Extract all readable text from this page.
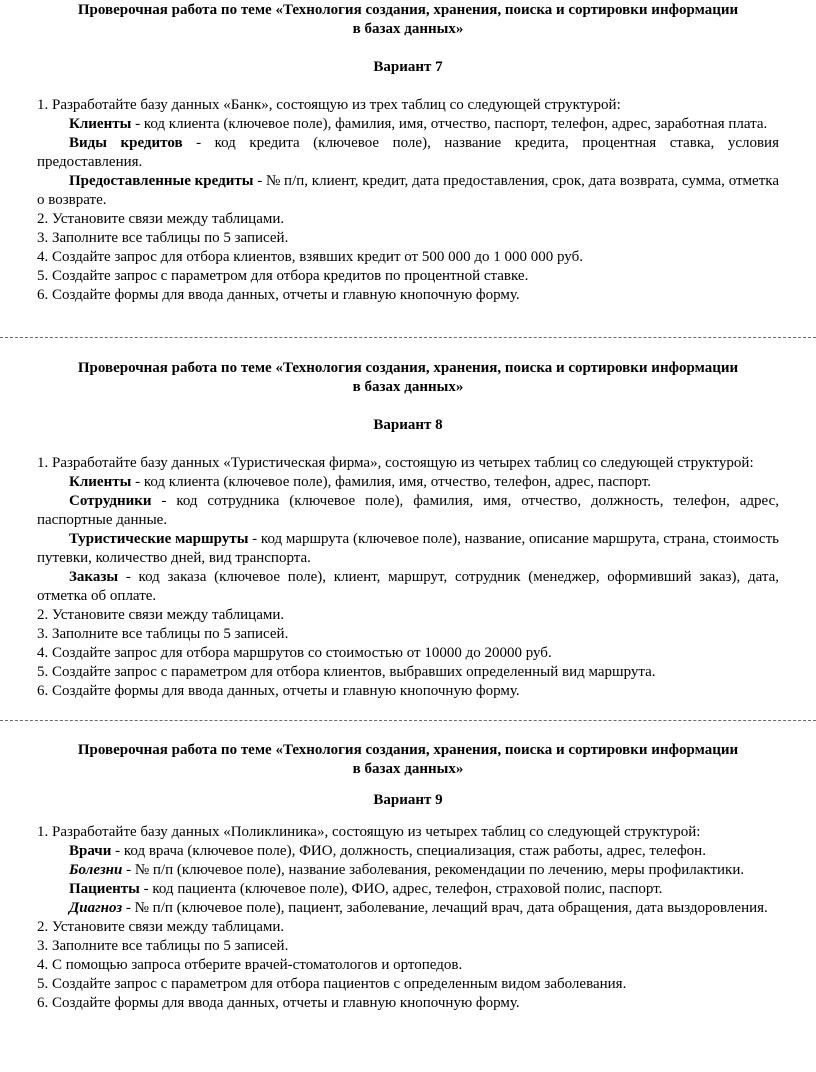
Проверочная работа по теме «Технология создания, хранения, поиска и сортировки информации
в базах данных»

Вариант 7

1. Разработайте базу данных «Банк», состоящую из трех таблиц со следующей структурой:

Клиенты - код клиента (ключевое поле), фамилия, имя, отчество, паспорт, телефон, адрес, заработная плата.

Виды кредитов - код кредита (ключевое поле), название кредита, процентная ставка, условия предоставления.

Предоставленные кредиты - № п/п, клиент, кредит, дата предоставления, срок, дата возврата, сумма, отметка о возврате.

2. Установите связи между таблицами.

3. Заполните все таблицы по 5 записей.

4. Создайте запрос для отбора клиентов, взявших кредит от 500 000 до 1 000 000 руб.

5. Создайте запрос с параметром для отбора кредитов по процентной ставке.

6. Создайте формы для ввода данных, отчеты и главную кнопочную форму.

Проверочная работа по теме «Технология создания, хранения, поиска и сортировки информации
в базах данных»

Вариант 8

1. Разработайте базу данных «Туристическая фирма», состоящую из четырех таблиц со следующей структурой:

Клиенты - код клиента (ключевое поле), фамилия, имя, отчество, телефон, адрес, паспорт.

Сотрудники - код сотрудника (ключевое поле), фамилия, имя, отчество, должность, телефон, адрес, паспортные данные.

Туристические маршруты - код маршрута (ключевое поле), название, описание маршрута, страна, стоимость путевки, количество дней, вид транспорта.

Заказы - код заказа (ключевое поле), клиент, маршрут, сотрудник (менеджер, оформивший заказ), дата, отметка об оплате.

2. Установите связи между таблицами.

3. Заполните все таблицы по 5 записей.

4. Создайте запрос для отбора маршрутов со стоимостью от 10000 до 20000 руб.

5. Создайте запрос с параметром для отбора клиентов, выбравших определенный вид маршрута.

6. Создайте формы для ввода данных, отчеты и главную кнопочную форму.

Проверочная работа по теме «Технология создания, хранения, поиска и сортировки информации
в базах данных»

Вариант 9

1. Разработайте базу данных «Поликлиника», состоящую из четырех таблиц со следующей структурой:

Врачи - код врача (ключевое поле), ФИО, должность, специализация, стаж работы, адрес, телефон.

Болезни - № п/п (ключевое поле), название заболевания, рекомендации по лечению, меры профилактики.

Пациенты - код пациента (ключевое поле), ФИО, адрес, телефон, страховой полис, паспорт.

Диагноз - № п/п (ключевое поле), пациент, заболевание, лечащий врач, дата обращения, дата выздоровления.

2. Установите связи между таблицами.

3. Заполните все таблицы по 5 записей.

4. С помощью запроса отберите врачей-стоматологов и ортопедов.

5. Создайте запрос с параметром для отбора пациентов с определенным видом заболевания.

6. Создайте формы для ввода данных, отчеты и главную кнопочную форму.
